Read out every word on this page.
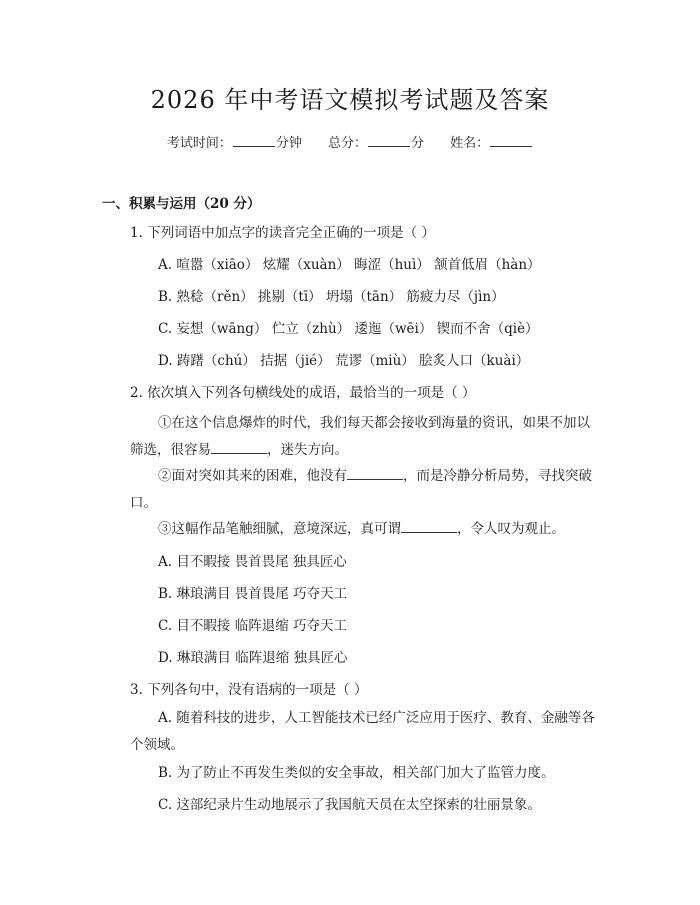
2026 年中考语文模拟考试题及答案
考试时间：	分钟 总分：	分 姓名：
一、积累与运用（20 分）
1. 下列词语中加点字的读音完全正确的一项是（ ）
A. 喧嚣（xiāo） 炫耀（xuàn） 晦涩（huì） 颔首低眉（hàn）
B. 熟稔（rěn） 挑剔（tī） 坍塌（tān） 筋疲力尽（jìn）
C. 妄想（wāng） 伫立（zhù） 逶迤（wēi） 锲而不舍（qiè）
D. 踌躇（chú） 拮据（jié） 荒谬（miù） 脍炙人口（kuài）
2. 依次填入下列各句横线处的成语，最恰当的一项是（ ）
①在这个信息爆炸的时代，我们每天都会接收到海量的资讯，如果不加以筛选，很容易	，迷失方向。
②面对突如其来的困难，他没有	，而是冷静分析局势，寻找突破口。
③这幅作品笔触细腻，意境深远，真可谓	，令人叹为观止。
A. 目不暇接 畏首畏尾 独具匠心
B. 琳琅满目 畏首畏尾 巧夺天工
C. 目不暇接 临阵退缩 巧夺天工
D. 琳琅满目 临阵退缩 独具匠心
3. 下列各句中，没有语病的一项是（ ）
A. 随着科技的进步，人工智能技术已经广泛应用于医疗、教育、金融等各个领域。
B. 为了防止不再发生类似的安全事故，相关部门加大了监管力度。
C. 这部纪录片生动地展示了我国航天员在太空探索的壮丽景象。
